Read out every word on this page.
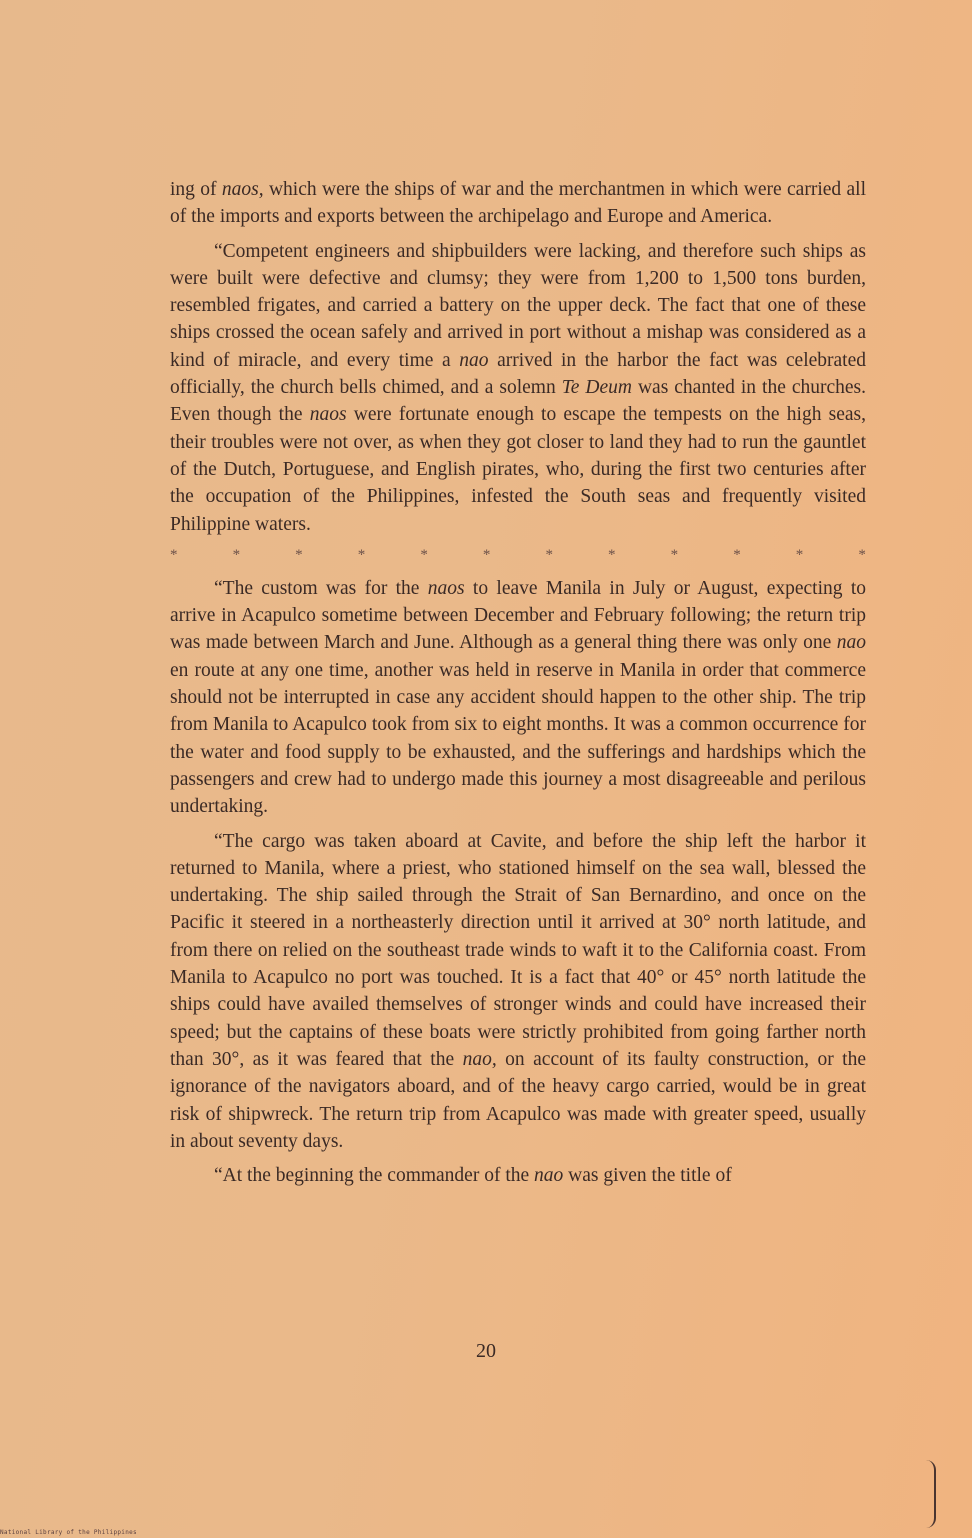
ing of naos, which were the ships of war and the merchantmen in which were carried all of the imports and exports between the archipelago and Europe and America.

“Competent engineers and shipbuilders were lacking, and therefore such ships as were built were defective and clumsy; they were from 1,200 to 1,500 tons burden, resembled frigates, and carried a battery on the upper deck. The fact that one of these ships crossed the ocean safely and arrived in port without a mishap was considered as a kind of miracle, and every time a nao arrived in the harbor the fact was celebrated officially, the church bells chimed, and a solemn Te Deum was chanted in the churches. Even though the naos were fortunate enough to escape the tempests on the high seas, their troubles were not over, as when they got closer to land they had to run the gauntlet of the Dutch, Portuguese, and English pirates, who, during the first two centuries after the occupation of the Philippines, infested the South seas and frequently visited Philippine waters.

*	*	*	*	*	*	*	*	*	*	*	*

“The custom was for the naos to leave Manila in July or August, expecting to arrive in Acapulco sometime between December and February following; the return trip was made between March and June. Although as a general thing there was only one nao en route at any one time, another was held in reserve in Manila in order that commerce should not be interrupted in case any accident should happen to the other ship. The trip from Manila to Acapulco took from six to eight months. It was a common occurrence for the water and food supply to be exhausted, and the sufferings and hardships which the passengers and crew had to undergo made this journey a most disagreeable and perilous undertaking.

“The cargo was taken aboard at Cavite, and before the ship left the harbor it returned to Manila, where a priest, who stationed himself on the sea wall, blessed the undertaking. The ship sailed through the Strait of San Bernardino, and once on the Pacific it steered in a northeasterly direction until it arrived at 30° north latitude, and from there on relied on the southeast trade winds to waft it to the California coast. From Manila to Acapulco no port was touched. It is a fact that 40° or 45° north latitude the ships could have availed themselves of stronger winds and could have increased their speed; but the captains of these boats were strictly prohibited from going farther north than 30°, as it was feared that the nao, on account of its faulty construction, or the ignorance of the navigators aboard, and of the heavy cargo carried, would be in great risk of shipwreck. The return trip from Acapulco was made with greater speed, usually in about seventy days.

“At the beginning the commander of the nao was given the title of

20
National Library of the Philippines
